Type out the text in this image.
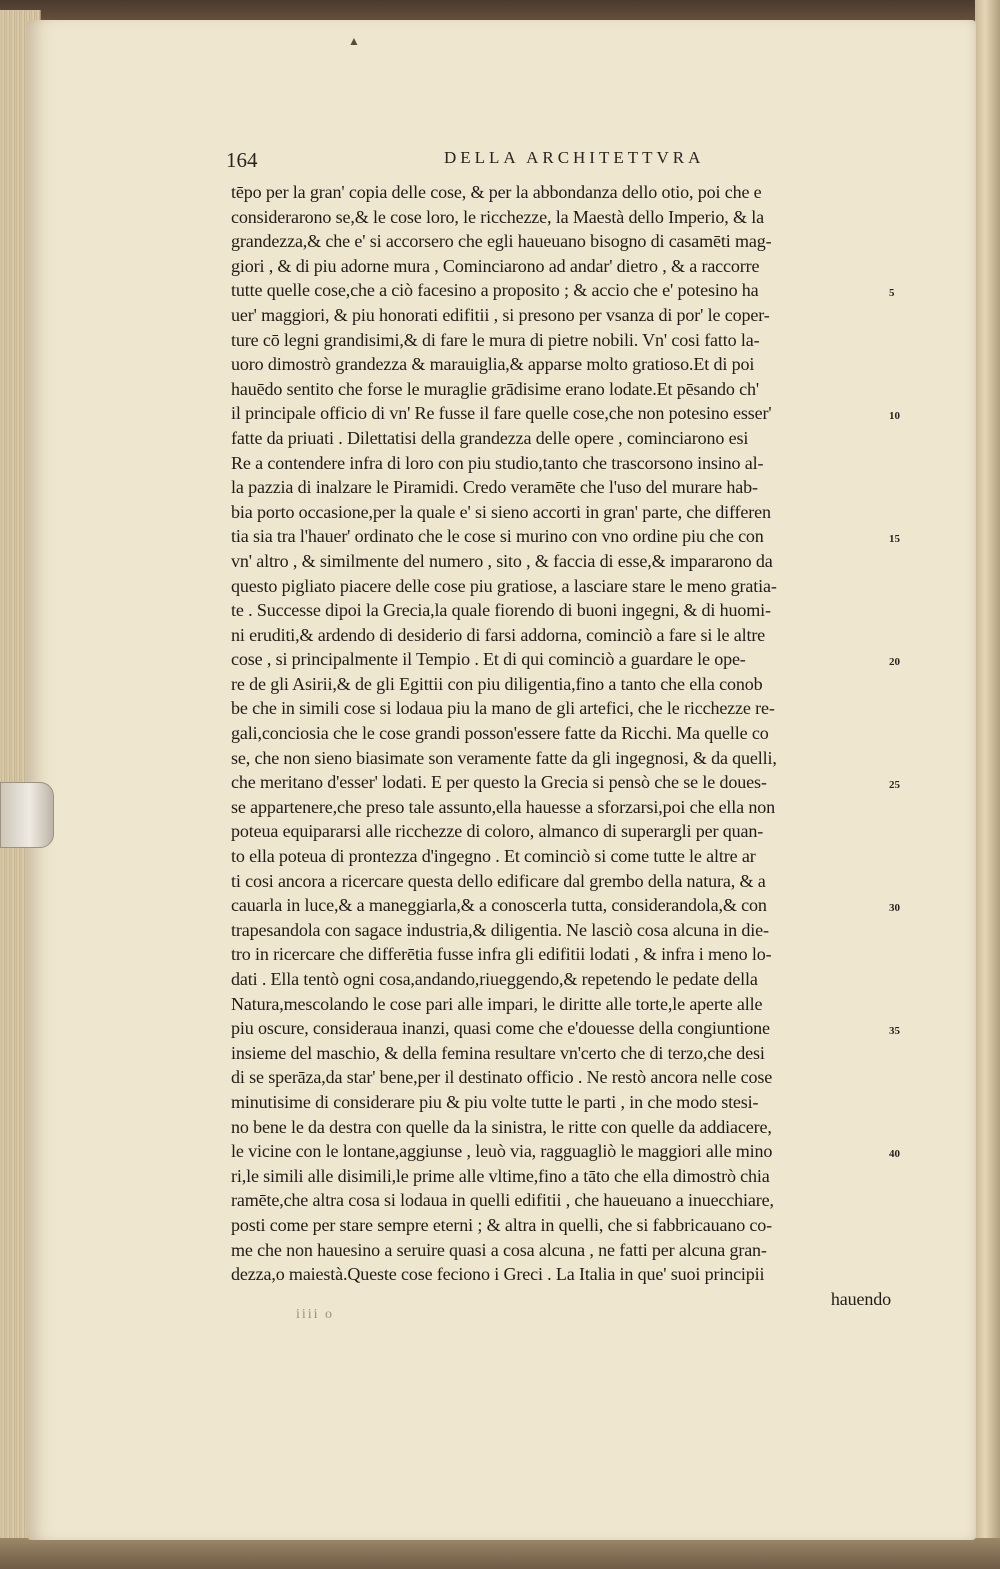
▲
164	DELLA ARCHITETTVRA
tēpo per la gran' copia delle cose, & per la abbondanza dello otio, poi che e
considerarono se,& le cose loro, le ricchezze, la Maestà dello Imperio, & la
grandezza,& che e' si accorsero che egli haueuano bisogno di casamēti mag-
giori , & di piu adorne mura , Cominciarono ad andar' dietro , & a raccorre
tutte quelle cose,che a ciò facesino a proposito ; & accio che e' potesino ha
uer' maggiori, & piu honorati edifitii , si presono per vsanza di por' le coper-
ture cō legni grandisimi,& di fare le mura di pietre nobili. Vn' cosi fatto la-
uoro dimostrò grandezza & marauiglia,& apparse molto gratioso.Et di poi
hauēdo sentito che forse le muraglie grādisime erano lodate.Et pēsando ch'
il principale officio di vn' Re fusse il fare quelle cose,che non potesino esser'
fatte da priuati . Dilettatisi della grandezza delle opere , cominciarono esi
Re a contendere infra di loro con piu studio,tanto che trascorsono insino al-
la pazzia di inalzare le Piramidi. Credo veramēte che l'uso del murare hab-
bia porto occasione,per la quale e' si sieno accorti in gran' parte, che differen
tia sia tra l'hauer' ordinato che le cose si murino con vno ordine piu che con
vn' altro , & similmente del numero , sito , & faccia di esse,& impararono da
questo pigliato piacere delle cose piu gratiose, a lasciare stare le meno gratia-
te . Successe dipoi la Grecia,la quale fiorendo di buoni ingegni, & di huomi-
ni eruditi,& ardendo di desiderio di farsi addorna, cominciò a fare si le altre
cose , si principalmente il Tempio . Et di qui cominciò a guardare le ope-
re de gli Asirii,& de gli Egittii con piu diligentia,fino a tanto che ella conob
be che in simili cose si lodaua piu la mano de gli artefici, che le ricchezze re-
gali,conciosia che le cose grandi posson'essere fatte da Ricchi. Ma quelle co
se, che non sieno biasimate son veramente fatte da gli ingegnosi, & da quelli,
che meritano d'esser' lodati. E per questo la Grecia si pensò che se le doues-
se appartenere,che preso tale assunto,ella hauesse a sforzarsi,poi che ella non
poteua equipararsi alle ricchezze di coloro, almanco di superargli per quan-
to ella poteua di prontezza d'ingegno . Et cominciò si come tutte le altre ar
ti cosi ancora a ricercare questa dello edificare dal grembo della natura, & a
cauarla in luce,& a maneggiarla,& a conoscerla tutta, considerandola,& con
trapesandola con sagace industria,& diligentia. Ne lasciò cosa alcuna in die-
tro in ricercare che differētia fusse infra gli edifitii lodati , & infra i meno lo-
dati . Ella tentò ogni cosa,andando,riueggendo,& repetendo le pedate della
Natura,mescolando le cose pari alle impari, le diritte alle torte,le aperte alle
piu oscure, consideraua inanzi, quasi come che e'douesse della congiuntione
insieme del maschio, & della femina resultare vn'certo che di terzo,che desi
di se sperāza,da star' bene,per il destinato officio . Ne restò ancora nelle cose
minutisime di considerare piu & piu volte tutte le parti , in che modo stesi-
no bene le da destra con quelle da la sinistra, le ritte con quelle da addiacere,
le vicine con le lontane,aggiunse , leuò via, ragguagliò le maggiori alle mino
ri,le simili alle disimili,le prime alle vltime,fino a tāto che ella dimostrò chia
ramēte,che altra cosa si lodaua in quelli edifitii , che haueuano a inuecchiare,
posti come per stare sempre eterni ; & altra in quelli, che si fabbricauano co-
me che non hauesino a seruire quasi a cosa alcuna , ne fatti per alcuna gran-
dezza,o maiestà.Queste cose feciono i Greci . La Italia in que' suoi principii
hauendo
5
10
15
20
25
30
35
40
iiii o
